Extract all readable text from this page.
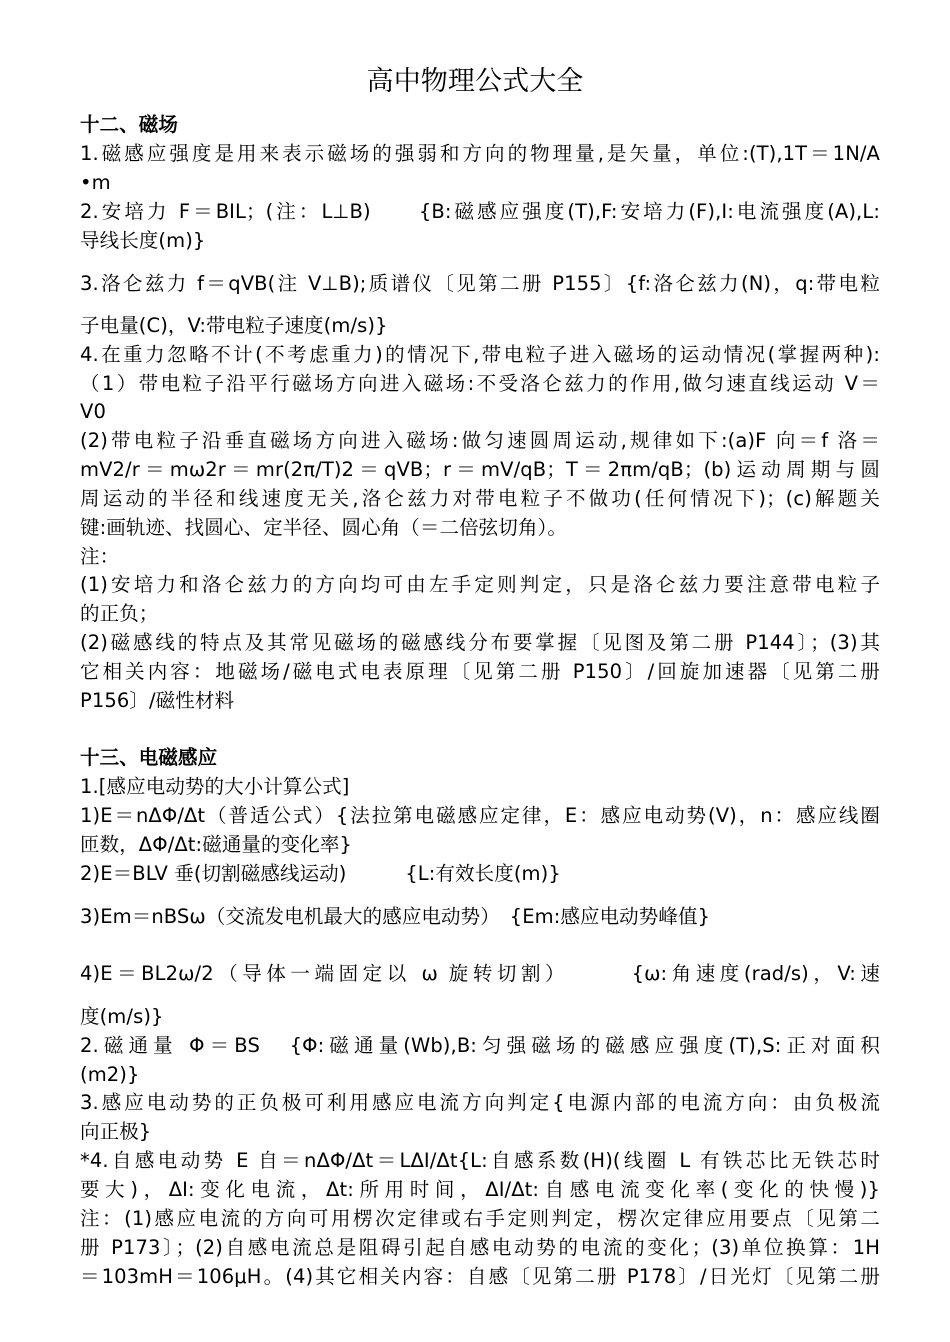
高中物理公式大全
十二、磁场
1.磁感应强度是用来表示磁场的强弱和方向的物理量,是矢量，单位:(T),1T＝1N/A
•m
2.安培力 F＝BIL；(注：L⊥B)　　{B:磁感应强度(T),F:安培力(F),I:电流强度(A),L:
导线长度(m)}
3.洛仑兹力 f＝qVB(注 V⊥B);质谱仪〔见第二册 P155〕{f:洛仑兹力(N)，q:带电粒
子电量(C)，V:带电粒子速度(m/s)}
4.在重力忽略不计(不考虑重力)的情况下,带电粒子进入磁场的运动情况(掌握两种):
（1）带电粒子沿平行磁场方向进入磁场:不受洛仑兹力的作用,做匀速直线运动 V＝
V0
(2)带电粒子沿垂直磁场方向进入磁场:做匀速圆周运动,规律如下:(a)F 向＝f 洛＝
mV2/r＝mω2r＝mr(2π/T)2＝qVB；r＝mV/qB；T＝2πm/qB；(b)运动周期与圆
周运动的半径和线速度无关,洛仑兹力对带电粒子不做功(任何情况下)；(c)解题关
键:画轨迹、找圆心、定半径、圆心角（＝二倍弦切角）。
注：
(1)安培力和洛仑兹力的方向均可由左手定则判定，只是洛仑兹力要注意带电粒子
的正负；
(2)磁感线的特点及其常见磁场的磁感线分布要掌握〔见图及第二册 P144〕；(3)其
它相关内容：地磁场/磁电式电表原理〔见第二册 P150〕/回旋加速器〔见第二册
P156〕/磁性材料
十三、电磁感应
1.[感应电动势的大小计算公式]
1)E＝nΔΦ/Δt（普适公式）{法拉第电磁感应定律，E：感应电动势(V)，n：感应线圈
匝数，ΔΦ/Δt:磁通量的变化率}
2)E＝BLV 垂(切割磁感线运动)　　　{L:有效长度(m)}
3)Em＝nBSω（交流发电机最大的感应电动势）　{Em:感应电动势峰值}
4)E＝BL2ω/2（导体一端固定以 ω 旋转切割）　　　{ω:角速度(rad/s)，V:速
度(m/s)}
2.磁通量 Φ＝BS　{Φ:磁通量(Wb),B:匀强磁场的磁感应强度(T),S:正对面积
(m2)}
3.感应电动势的正负极可利用感应电流方向判定{电源内部的电流方向：由负极流
向正极}
*4.自感电动势 E 自＝nΔΦ/Δt＝LΔI/Δt{L:自感系数(H)(线圈 L 有铁芯比无铁芯时
要大)，ΔI:变化电流，Δt:所用时间，ΔI/Δt:自感电流变化率(变化的快慢)}
注：(1)感应电流的方向可用楞次定律或右手定则判定，楞次定律应用要点〔见第二
册 P173〕；(2)自感电流总是阻碍引起自感电动势的电流的变化；(3)单位换算：1H
＝103mH＝106μH。(4)其它相关内容：自感〔见第二册 P178〕/日光灯〔见第二册
